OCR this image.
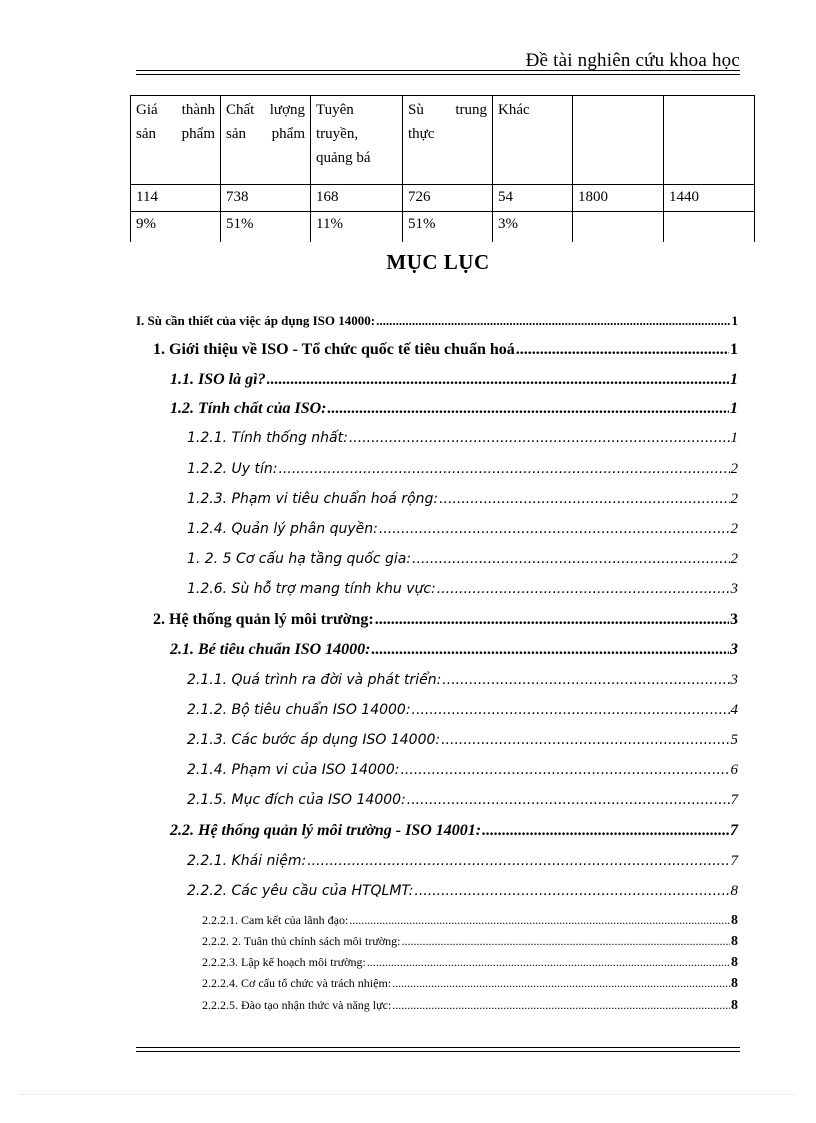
Đề tài nghiên cứu khoa học
Giá thành sản phẩm	Chất lượng sản phẩm	Tuyên truyền, quảng bá	Sù trung thực	Khác		
114	738	168	726	54	1800	1440
9%	51%	11%	51%	3%		
MỤC LỤC
I. Sù cần thiết của việc áp dụng ISO 14000: .....	1
1. Giới thiệu về ISO - Tổ chức quốc tế tiêu chuẩn hoá .....	1
1.1. ISO là gì? .....	1
1.2. Tính chất của ISO: .....	1
1.2.1. Tính thống nhất: .....	1
1.2.2. Uy tín: .....	2
1.2.3. Phạm vi tiêu chuẩn hoá rộng: .....	2
1.2.4. Quản lý phân quyền: .....	2
1. 2. 5 Cơ cấu hạ tầng quốc gia: .....	2
1.2.6. Sù hỗ trợ mang tính khu vực: .....	3
2. Hệ thống quản lý môi trường: .....	3
2.1. Bé tiêu chuẩn ISO 14000: .....	3
2.1.1. Quá trình ra đời và phát triển: .....	3
2.1.2. Bộ tiêu chuẩn ISO 14000: .....	4
2.1.3. Các bước áp dụng ISO 14000: .....	5
2.1.4. Phạm vi của ISO 14000: .....	6
2.1.5. Mục đích của ISO 14000: .....	7
2.2. Hệ thống quản lý môi trường - ISO 14001: .....	7
2.2.1. Khái niệm: .....	7
2.2.2. Các yêu cầu của HTQLMT: .....	8
2.2.2.1. Cam kết của lãnh đạo: .....	8
2.2.2. 2. Tuân thủ chính sách môi trường: .....	8
2.2.2.3. Lập kế hoạch môi trường: .....	8
2.2.2.4. Cơ cấu tổ chức và trách nhiệm: .....	8
2.2.2.5. Đào tạo nhận thức và năng lực: .....	8
